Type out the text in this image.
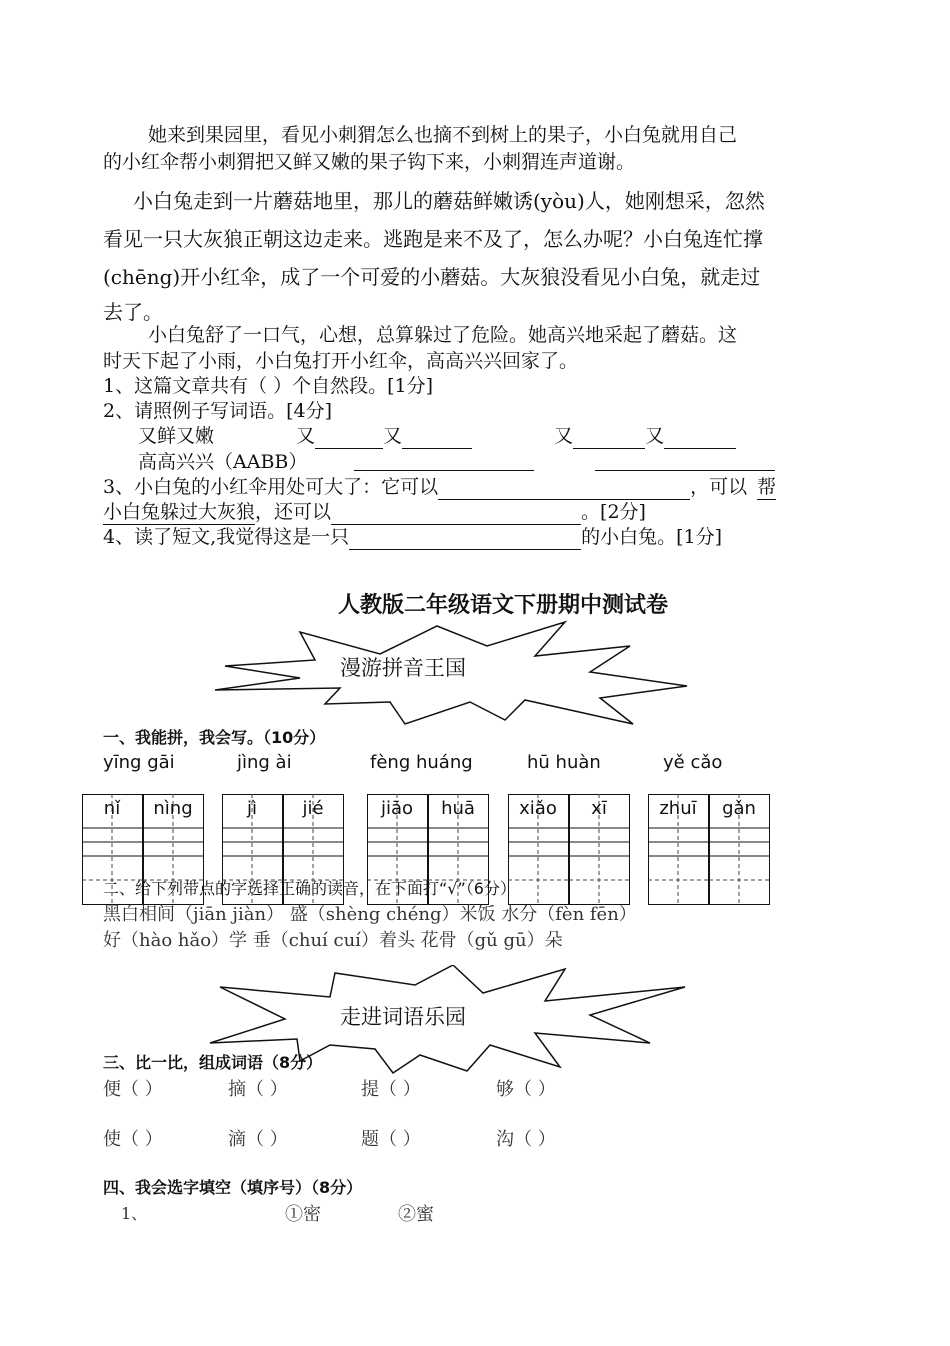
她来到果园里，看见小刺猬怎么也摘不到树上的果子，小白兔就用自己
的小红伞帮小刺猬把又鲜又嫩的果子钩下来，小刺猬连声道谢。
小白兔走到一片蘑菇地里，那儿的蘑菇鲜嫩诱(yòu)人，她刚想采，忽然
看见一只大灰狼正朝这边走来。逃跑是来不及了，怎么办呢？小白兔连忙撑
(chēng)开小红伞，成了一个可爱的小蘑菇。大灰狼没看见小白兔，就走过
去了。
小白兔舒了一口气，心想，总算躲过了危险。她高兴地采起了蘑菇。这
时天下起了小雨，小白兔打开小红伞，高高兴兴回家了。
1、这篇文章共有（ ）个自然段。[1分]
2、请照例子写词语。[4分]
又鲜又嫩	又	又	又	又
高高兴兴（AABB）
3、小白兔的小红伞用处可大了：它可以	，可以 帮
小白兔躲过大灰狼，还可以	。[2分]
4、读了短文,我觉得这是一只	的小白兔。[1分]
人教版二年级语文下册期中测试卷
漫游拼音王国
一、我能拼，我会写。（10分）
yīng gāi	jìng ài	fèng huáng	hū huàn	yě cǎo
nǐ	nìng	jì	jié	jiāo	huā	xiǎo	xī	zhuī	gǎn
二、给下列带点的字选择正确的读音，在下面打“√”（6分）
黑白相间（jiān jiàn） 盛（shèng chéng）米饭 水分（fèn fēn）
好（hào hǎo）学 垂（chuí cuí）着头 花骨（gǔ gū）朵
走进词语乐园
三、比一比，组成词语（8分）
便（ ）	摘（ ）	提（ ）	够（ ）
使（ ）	滴（ ）	题（ ）	沟（ ）
四、我会选字填空（填序号）（8分）
1、	①密	②蜜
